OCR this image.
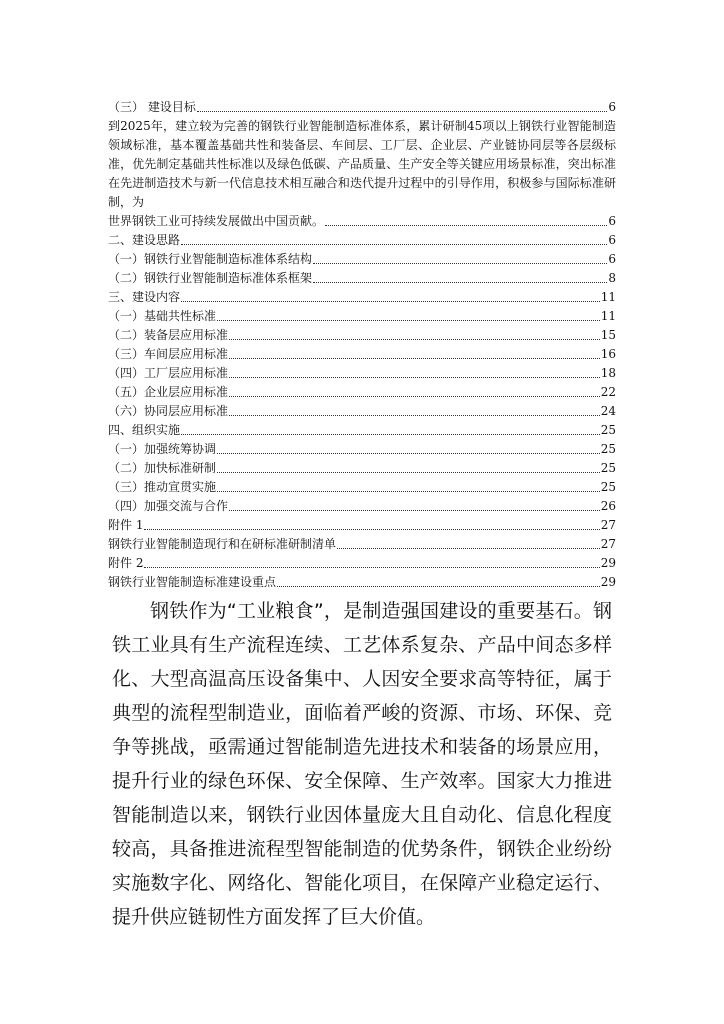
（三） 建设目标	6
到2025年，建立较为完善的钢铁行业智能制造标准体系，累计研制45项以上钢铁行业智能制造领域标准，基本覆盖基础共性和装备层、车间层、工厂层、企业层、产业链协同层等各层级标准，优先制定基础共性标准以及绿色低碳、产品质量、生产安全等关键应用场景标准，突出标准在先进制造技术与新一代信息技术相互融合和迭代提升过程中的引导作用，积极参与国际标准研制，为
世界钢铁工业可持续发展做出中国贡献。	6
二、建设思路	6
（一）钢铁行业智能制造标准体系结构	6
（二）钢铁行业智能制造标准体系框架	8
三、建设内容	11
（一）基础共性标准	11
（二）装备层应用标准	15
（三）车间层应用标准	16
（四）工厂层应用标准	18
（五）企业层应用标准	22
（六）协同层应用标准	24
四、组织实施	25
（一）加强统筹协调	25
（二）加快标准研制	25
（三）推动宣贯实施	25
（四）加强交流与合作	26
附件 1	27
钢铁行业智能制造现行和在研标准研制清单	27
附件 2	29
钢铁行业智能制造标准建设重点	29

钢铁作为“工业粮食”，是制造强国建设的重要基石。钢铁工业具有生产流程连续、工艺体系复杂、产品中间态多样化、大型高温高压设备集中、人因安全要求高等特征，属于典型的流程型制造业，面临着严峻的资源、市场、环保、竞争等挑战，亟需通过智能制造先进技术和装备的场景应用，提升行业的绿色环保、安全保障、生产效率。国家大力推进智能制造以来，钢铁行业因体量庞大且自动化、信息化程度较高，具备推进流程型智能制造的优势条件，钢铁企业纷纷实施数字化、网络化、智能化项目，在保障产业稳定运行、提升供应链韧性方面发挥了巨大价值。
